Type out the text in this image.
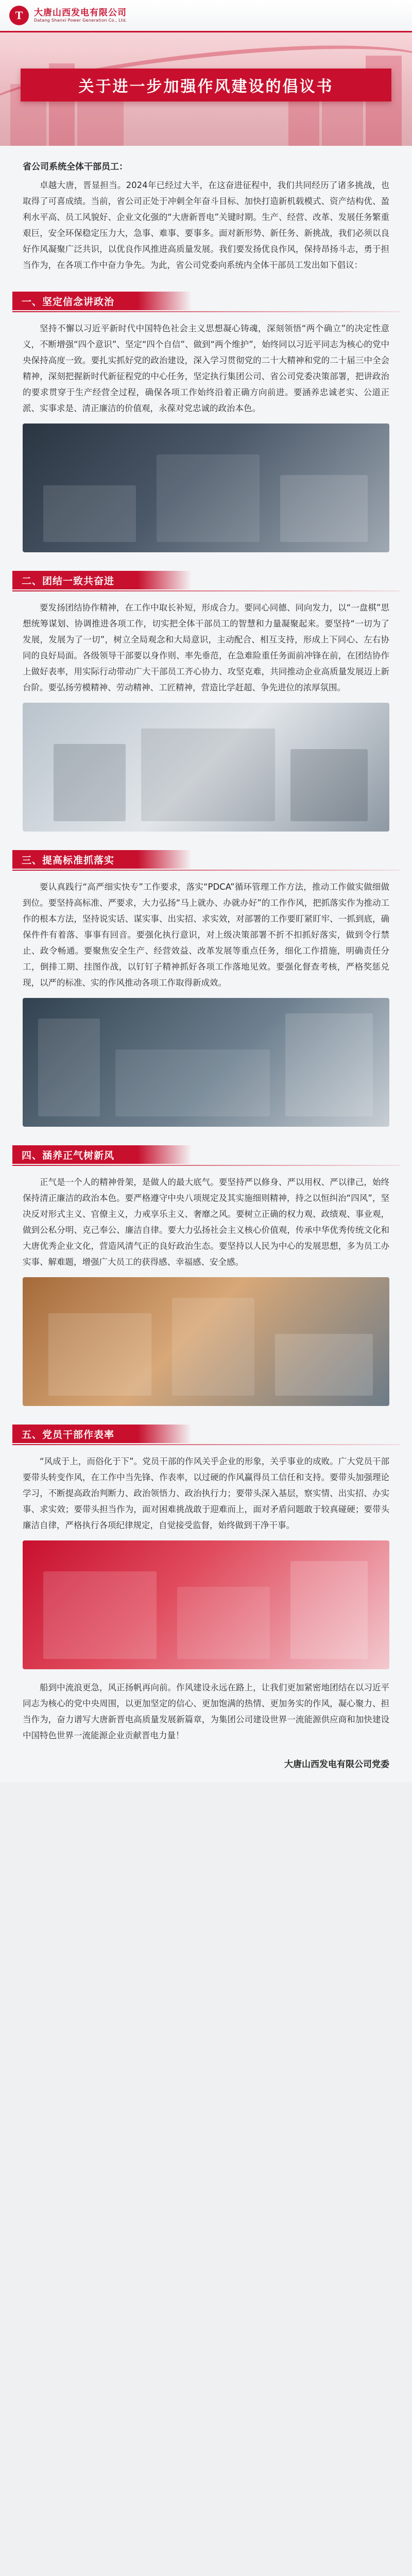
T	大唐山西发电有限公司
Datang Shanxi Power Generation Co., Ltd.
关于进一步加强作风建设的倡议书
省公司系统全体干部员工：

卓越大唐，晋显担当。2024年已经过大半，在这奋进征程中，我们共同经历了诸多挑战，也取得了可喜成绩。当前，省公司正处于冲刺全年奋斗目标、加快打造新机载模式、资产结构优、盈利水平高、员工风貌好、企业文化强的“大唐新晋电”关键时期。生产、经营、改革、发展任务繁重艰巨，安全环保稳定压力大，急事、难事、要事多。面对新形势、新任务、新挑战，我们必须以良好作风凝聚广泛共识，以优良作风推进高质量发展。我们要发扬优良作风，保持昂扬斗志，勇于担当作为，在各项工作中奋力争先。为此，省公司党委向系统内全体干部员工发出如下倡议：

一、坚定信念讲政治

坚持不懈以习近平新时代中国特色社会主义思想凝心铸魂，深刻领悟“两个确立”的决定性意义，不断增强“四个意识”、坚定“四个自信”、做到“两个维护”，始终同以习近平同志为核心的党中央保持高度一致。要扎实抓好党的政治建设，深入学习贯彻党的二十大精神和党的二十届三中全会精神，深刻把握新时代新征程党的中心任务，坚定执行集团公司、省公司党委决策部署，把讲政治的要求贯穿于生产经营全过程，确保各项工作始终沿着正确方向前进。要涵养忠诚老实、公道正派、实事求是、清正廉洁的价值观，永葆对党忠诚的政治本色。

二、团结一致共奋进

要发扬团结协作精神，在工作中取长补短，形成合力。要同心同德、同向发力，以“一盘棋”思想统筹谋划、协调推进各项工作，切实把全体干部员工的智慧和力量凝聚起来。要坚持“一切为了发展，发展为了一切”，树立全局观念和大局意识，主动配合、相互支持，形成上下同心、左右协同的良好局面。各级领导干部要以身作则、率先垂范，在急难险重任务面前冲锋在前，在团结协作上做好表率，用实际行动带动广大干部员工齐心协力、攻坚克难，共同推动企业高质量发展迈上新台阶。要弘扬劳模精神、劳动精神、工匠精神，营造比学赶超、争先进位的浓厚氛围。

三、提高标准抓落实

要认真践行“高严细实快专”工作要求，落实“PDCA”循环管理工作方法，推动工作做实做细做到位。要坚持高标准、严要求，大力弘扬“马上就办、办就办好”的工作作风，把抓落实作为推动工作的根本方法，坚持说实话、谋实事、出实招、求实效，对部署的工作要盯紧盯牢、一抓到底，确保件件有着落、事事有回音。要强化执行意识，对上级决策部署不折不扣抓好落实，做到令行禁止、政令畅通。要聚焦安全生产、经营效益、改革发展等重点任务，细化工作措施，明确责任分工，倒排工期、挂图作战，以钉钉子精神抓好各项工作落地见效。要强化督查考核，严格奖惩兑现，以严的标准、实的作风推动各项工作取得新成效。

四、涵养正气树新风

正气是一个人的精神骨架，是做人的最大底气。要坚持严以修身、严以用权、严以律己，始终保持清正廉洁的政治本色。要严格遵守中央八项规定及其实施细则精神，持之以恒纠治“四风”，坚决反对形式主义、官僚主义，力戒享乐主义、奢靡之风。要树立正确的权力观、政绩观、事业观，做到公私分明、克己奉公、廉洁自律。要大力弘扬社会主义核心价值观，传承中华优秀传统文化和大唐优秀企业文化，营造风清气正的良好政治生态。要坚持以人民为中心的发展思想，多为员工办实事、解难题，增强广大员工的获得感、幸福感、安全感。

五、党员干部作表率

“风成于上，而俗化于下”。党员干部的作风关乎企业的形象，关乎事业的成败。广大党员干部要带头转变作风，在工作中当先锋、作表率，以过硬的作风赢得员工信任和支持。要带头加强理论学习，不断提高政治判断力、政治领悟力、政治执行力；要带头深入基层，察实情、出实招、办实事、求实效；要带头担当作为，面对困难挑战敢于迎难而上，面对矛盾问题敢于较真碰硬；要带头廉洁自律，严格执行各项纪律规定，自觉接受监督，始终做到干净干事。

船到中流浪更急，风正扬帆再向前。作风建设永远在路上，让我们更加紧密地团结在以习近平同志为核心的党中央周围，以更加坚定的信心、更加饱满的热情、更加务实的作风，凝心聚力、担当作为，奋力谱写大唐新晋电高质量发展新篇章，为集团公司建设世界一流能源供应商和加快建设中国特色世界一流能源企业贡献晋电力量！

大唐山西发电有限公司党委
